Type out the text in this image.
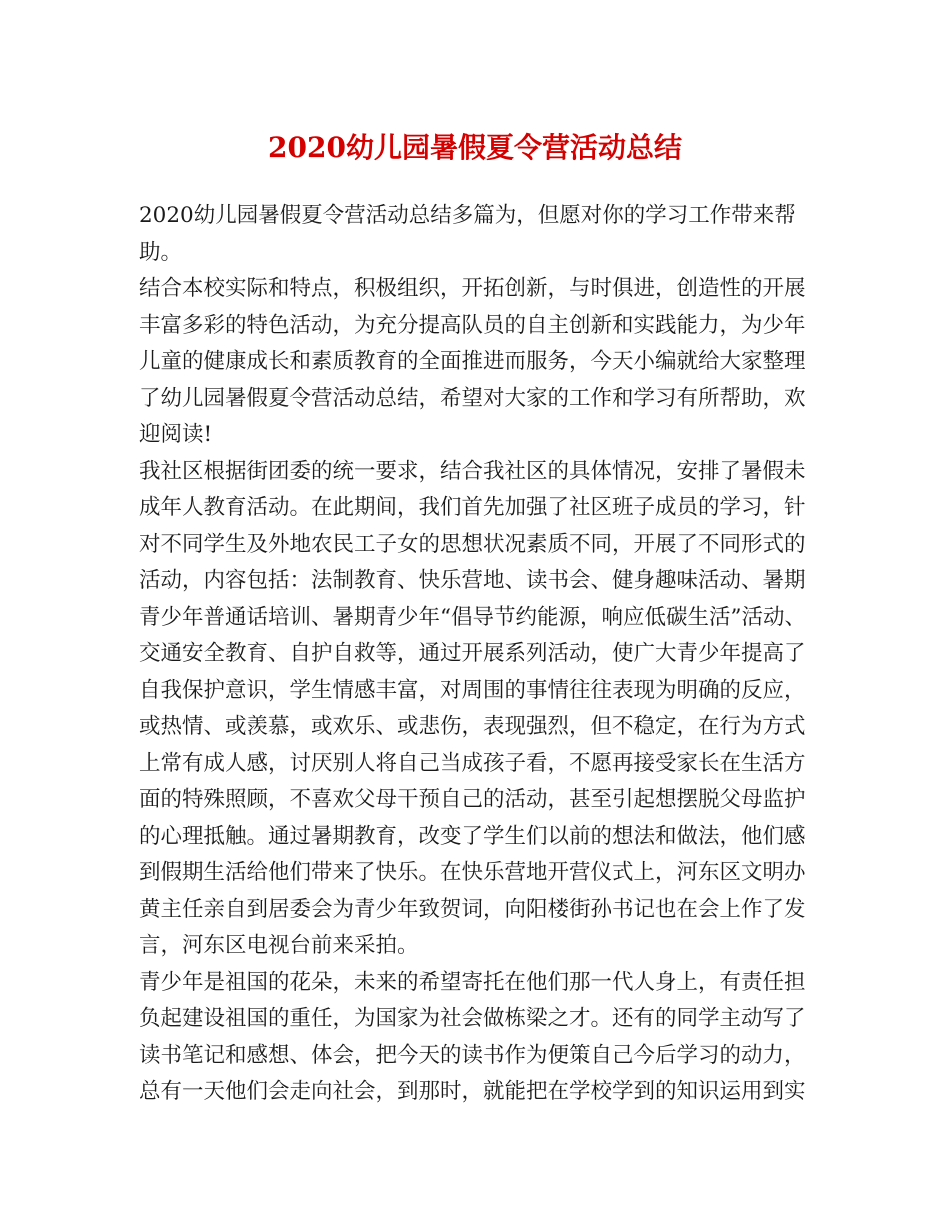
2020幼儿园暑假夏令营活动总结
2020幼儿园暑假夏令营活动总结多篇为，但愿对你的学习工作带来帮
助。
结合本校实际和特点，积极组织，开拓创新，与时俱进，创造性的开展
丰富多彩的特色活动，为充分提高队员的自主创新和实践能力，为少年
儿童的健康成长和素质教育的全面推进而服务，今天小编就给大家整理
了幼儿园暑假夏令营活动总结，希望对大家的工作和学习有所帮助，欢
迎阅读!
我社区根据街团委的统一要求，结合我社区的具体情况，安排了暑假未
成年人教育活动。在此期间，我们首先加强了社区班子成员的学习，针
对不同学生及外地农民工子女的思想状况素质不同，开展了不同形式的
活动，内容包括：法制教育、快乐营地、读书会、健身趣味活动、暑期
青少年普通话培训、暑期青少年“倡导节约能源，响应低碳生活”活动、
交通安全教育、自护自救等，通过开展系列活动，使广大青少年提高了
自我保护意识，学生情感丰富，对周围的事情往往表现为明确的反应，
或热情、或羡慕，或欢乐、或悲伤，表现强烈，但不稳定，在行为方式
上常有成人感，讨厌别人将自己当成孩子看，不愿再接受家长在生活方
面的特殊照顾，不喜欢父母干预自己的活动，甚至引起想摆脱父母监护
的心理抵触。通过暑期教育，改变了学生们以前的想法和做法，他们感
到假期生活给他们带来了快乐。在快乐营地开营仪式上，河东区文明办
黄主任亲自到居委会为青少年致贺词，向阳楼街孙书记也在会上作了发
言，河东区电视台前来采拍。
青少年是祖国的花朵，未来的希望寄托在他们那一代人身上，有责任担
负起建设祖国的重任，为国家为社会做栋梁之才。还有的同学主动写了
读书笔记和感想、体会，把今天的读书作为便策自己今后学习的动力，
总有一天他们会走向社会，到那时，就能把在学校学到的知识运用到实
